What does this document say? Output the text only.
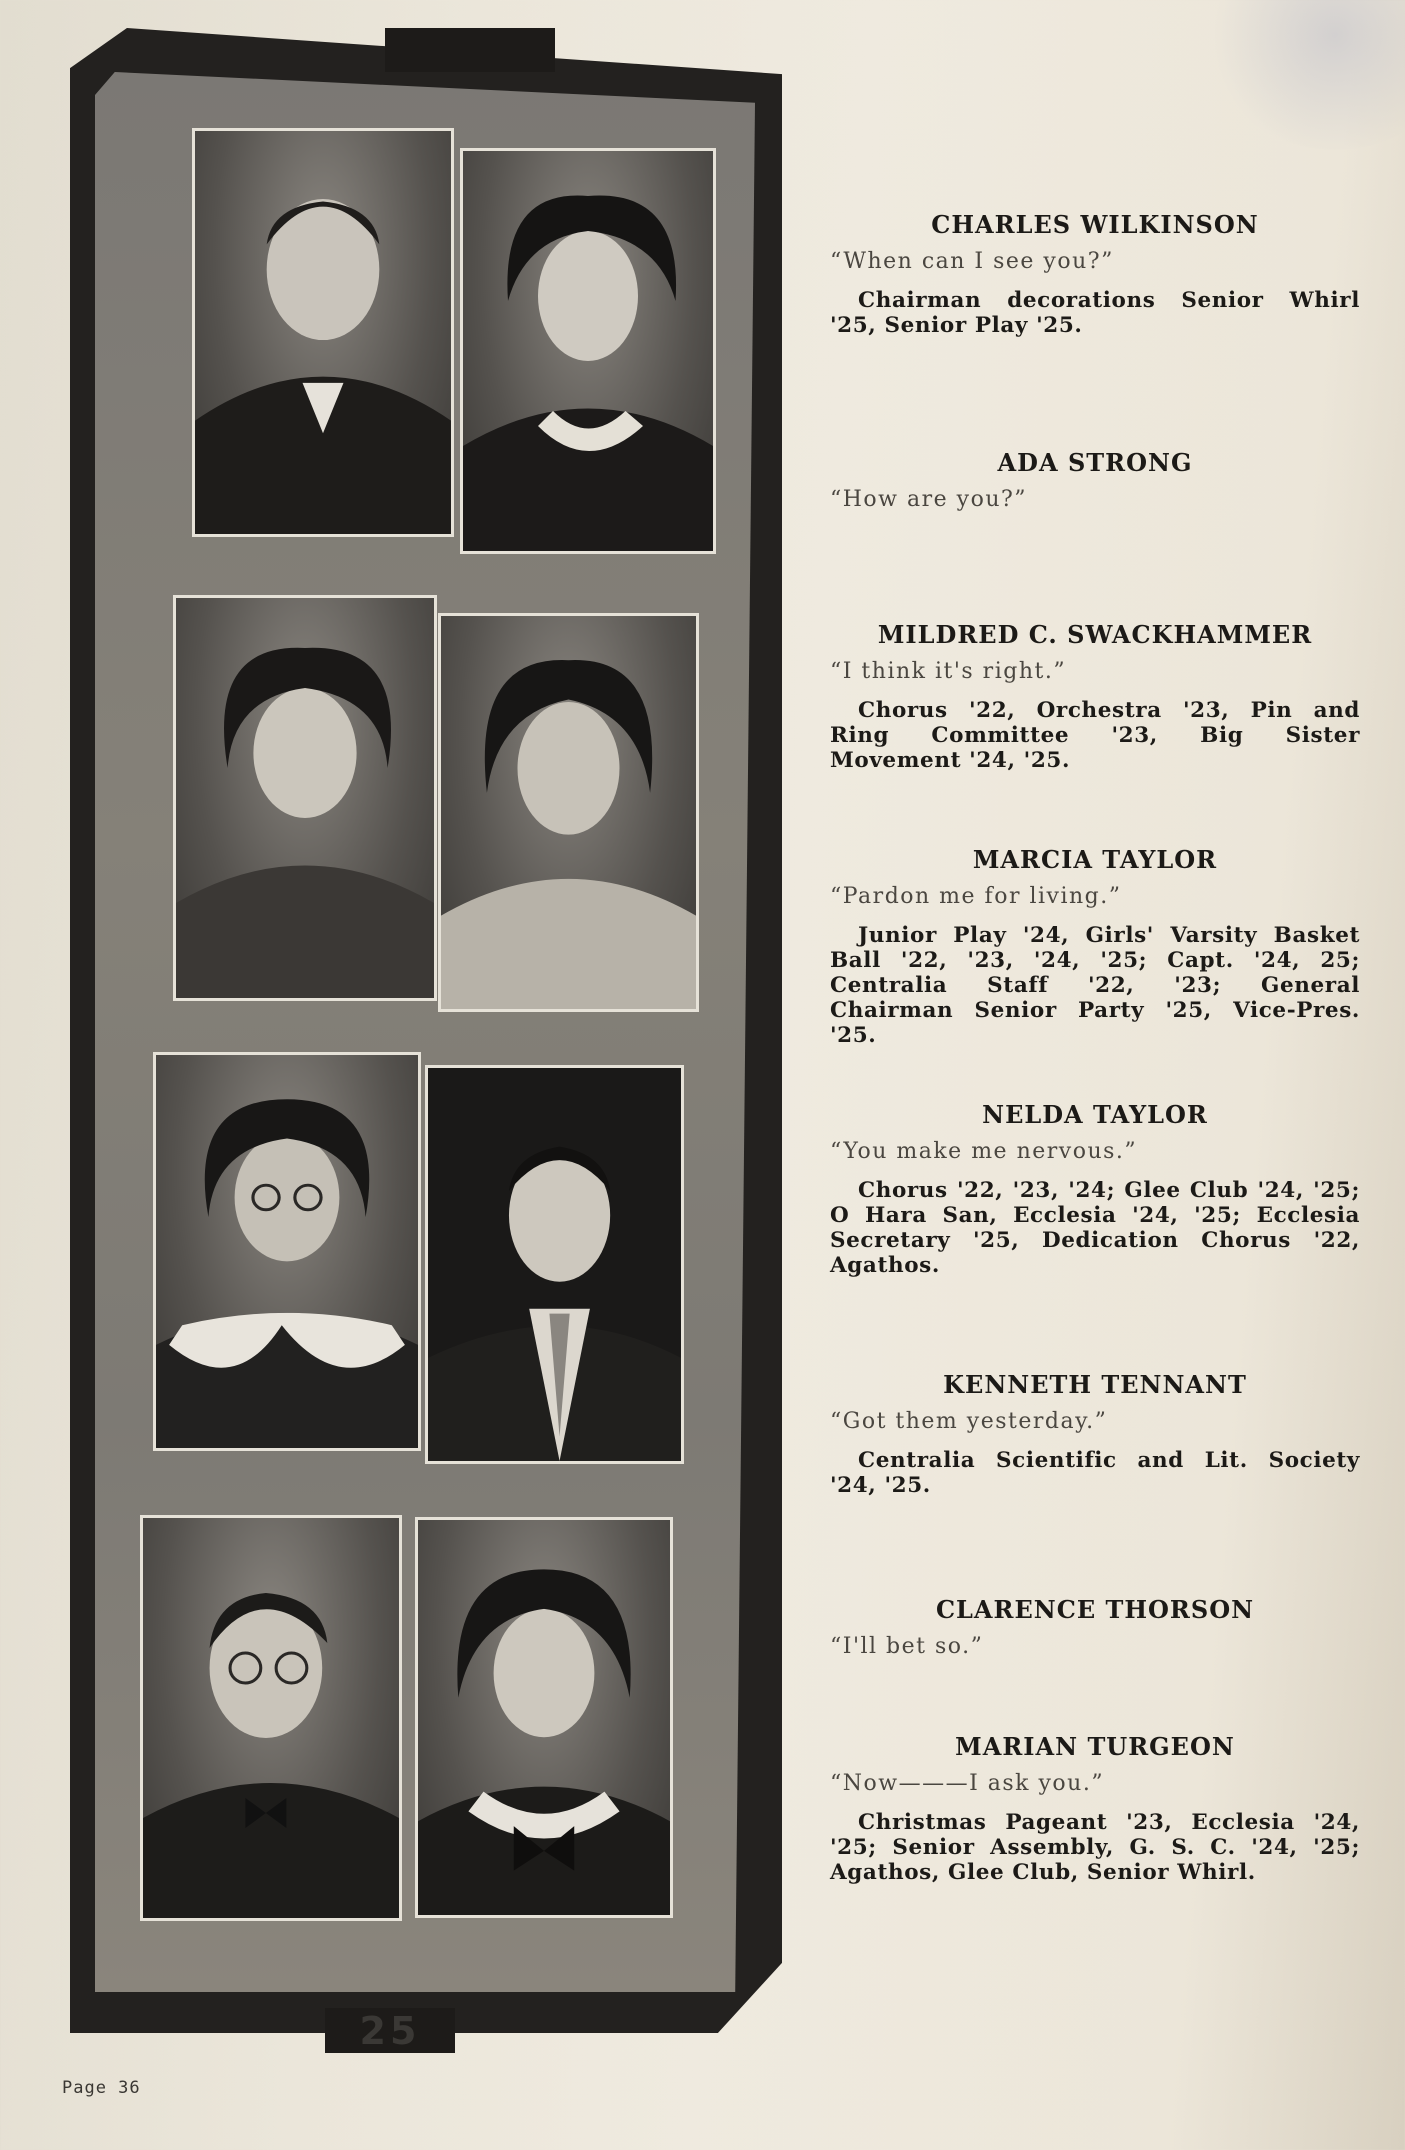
25

CHARLES WILKINSON

“When can I see you?”

Chairman decorations Senior Whirl '25, Senior Play '25.

ADA STRONG

“How are you?”

MILDRED C. SWACKHAMMER

“I think it's right.”

Chorus '22, Orchestra '23, Pin and Ring Committee '23, Big Sister Movement '24, '25.

MARCIA TAYLOR

“Pardon me for living.”

Junior Play '24, Girls' Varsity Basket Ball '22, '23, '24, '25; Capt. '24, 25; Centralia Staff '22, '23; General Chairman Senior Party '25, Vice-Pres. '25.

NELDA TAYLOR

“You make me nervous.”

Chorus '22, '23, '24; Glee Club '24, '25; O Hara San, Ecclesia '24, '25; Ecclesia Secretary '25, Dedication Chorus '22, Agathos.

KENNETH TENNANT

“Got them yesterday.”

Centralia Scientific and Lit. Society '24, '25.

CLARENCE THORSON

“I'll bet so.”

MARIAN TURGEON

“Now———I ask you.”

Christmas Pageant '23, Ecclesia '24, '25; Senior Assembly, G. S. C. '24, '25; Agathos, Glee Club, Senior Whirl.

Page 36
